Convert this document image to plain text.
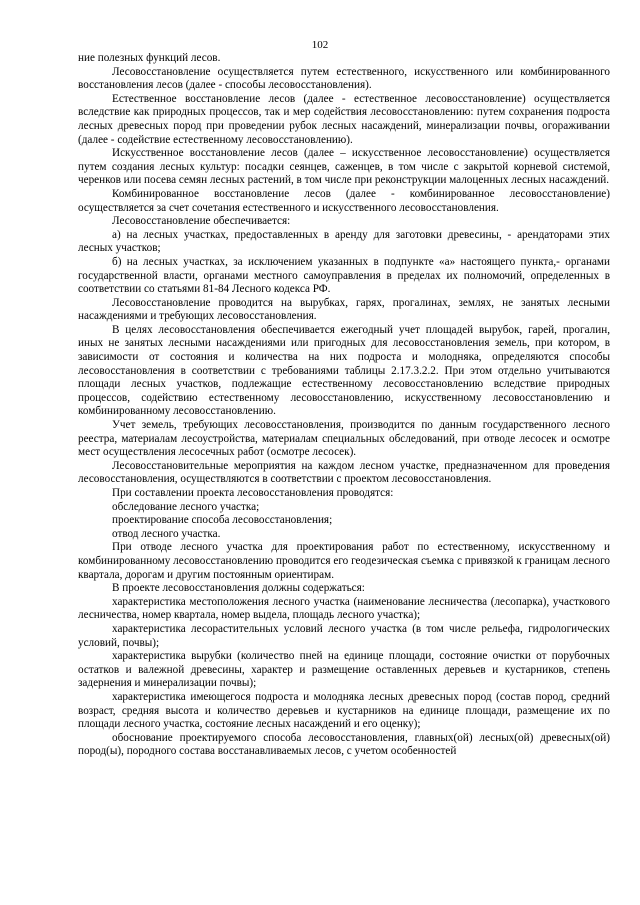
102

ние полезных функций лесов.

Лесовосстановление осуществляется путем естественного, искусственного или комбинированного восстановления лесов (далее - способы лесовосстановления).

Естественное восстановление лесов (далее - естественное лесовосстановление) осуществляется вследствие как природных процессов, так и мер содействия лесовосстановлению: путем сохранения подроста лесных древесных пород при проведении рубок лесных насаждений, минерализации почвы, огораживании (далее - содействие естественному лесовосстановлению).

Искусственное восстановление лесов (далее – искусственное лесовосстановление) осуществляется путем создания лесных культур: посадки сеянцев, саженцев, в том числе с закрытой корневой системой, черенков или посева семян лесных растений, в том числе при реконструкции малоценных лесных насаждений.

Комбинированное восстановление лесов (далее - комбинированное лесовосстановление) осуществляется за счет сочетания естественного и искусственного лесовосстановления.

Лесовосстановление обеспечивается:

а) на лесных участках, предоставленных в аренду для заготовки древесины, - арендаторами этих лесных участков;

б) на лесных участках, за исключением указанных в подпункте «а» настоящего пункта,- органами государственной власти, органами местного самоуправления в пределах их полномочий, определенных в соответствии со статьями 81-84 Лесного кодекса РФ.

Лесовосстановление проводится на вырубках, гарях, прогалинах, землях, не занятых лесными насаждениями и требующих лесовосстановления.

В целях лесовосстановления обеспечивается ежегодный учет площадей вырубок, гарей, прогалин, иных не занятых лесными насаждениями или пригодных для лесовосстановления земель, при котором, в зависимости от состояния и количества на них подроста и молодняка, определяются способы лесовосстановления в соответствии с требованиями таблицы 2.17.3.2.2. При этом отдельно учитываются площади лесных участков, подлежащие естественному лесовосстановлению вследствие природных процессов, содействию естественному лесовосстановлению, искусственному лесовосстановлению и комбинированному лесовосстановлению.

Учет земель, требующих лесовосстановления, производится по данным государственного лесного реестра, материалам лесоустройства, материалам специальных обследований, при отводе лесосек и осмотре мест осуществления лесосечных работ (осмотре лесосек).

Лесовосстановительные мероприятия на каждом лесном участке, предназначенном для проведения лесовосстановления, осуществляются в соответствии с проектом лесовосстановления.

При составлении проекта лесовосстановления проводятся:

обследование лесного участка;

проектирование способа лесовосстановления;

отвод лесного участка.

При отводе лесного участка для проектирования работ по естественному, искусственному и комбинированному лесовосстановлению проводится его геодезическая съемка с привязкой к границам лесного квартала, дорогам и другим постоянным ориентирам.

В проекте лесовосстановления должны содержаться:

характеристика местоположения лесного участка (наименование лесничества (лесопарка), участкового лесничества, номер квартала, номер выдела, площадь лесного участка);

характеристика лесорастительных условий лесного участка (в том числе рельефа, гидрологических условий, почвы);

характеристика вырубки (количество пней на единице площади, состояние очистки от порубочных остатков и валежной древесины, характер и размещение оставленных деревьев и кустарников, степень задернения и минерализации почвы);

характеристика имеющегося подроста и молодняка лесных древесных пород (состав пород, средний возраст, средняя высота и количество деревьев и кустарников на единице площади, размещение их по площади лесного участка, состояние лесных насаждений и его оценку);

обоснование проектируемого способа лесовосстановления, главных(ой) лесных(ой) древесных(ой) пород(ы), породного состава восстанавливаемых лесов, с учетом особенностей
